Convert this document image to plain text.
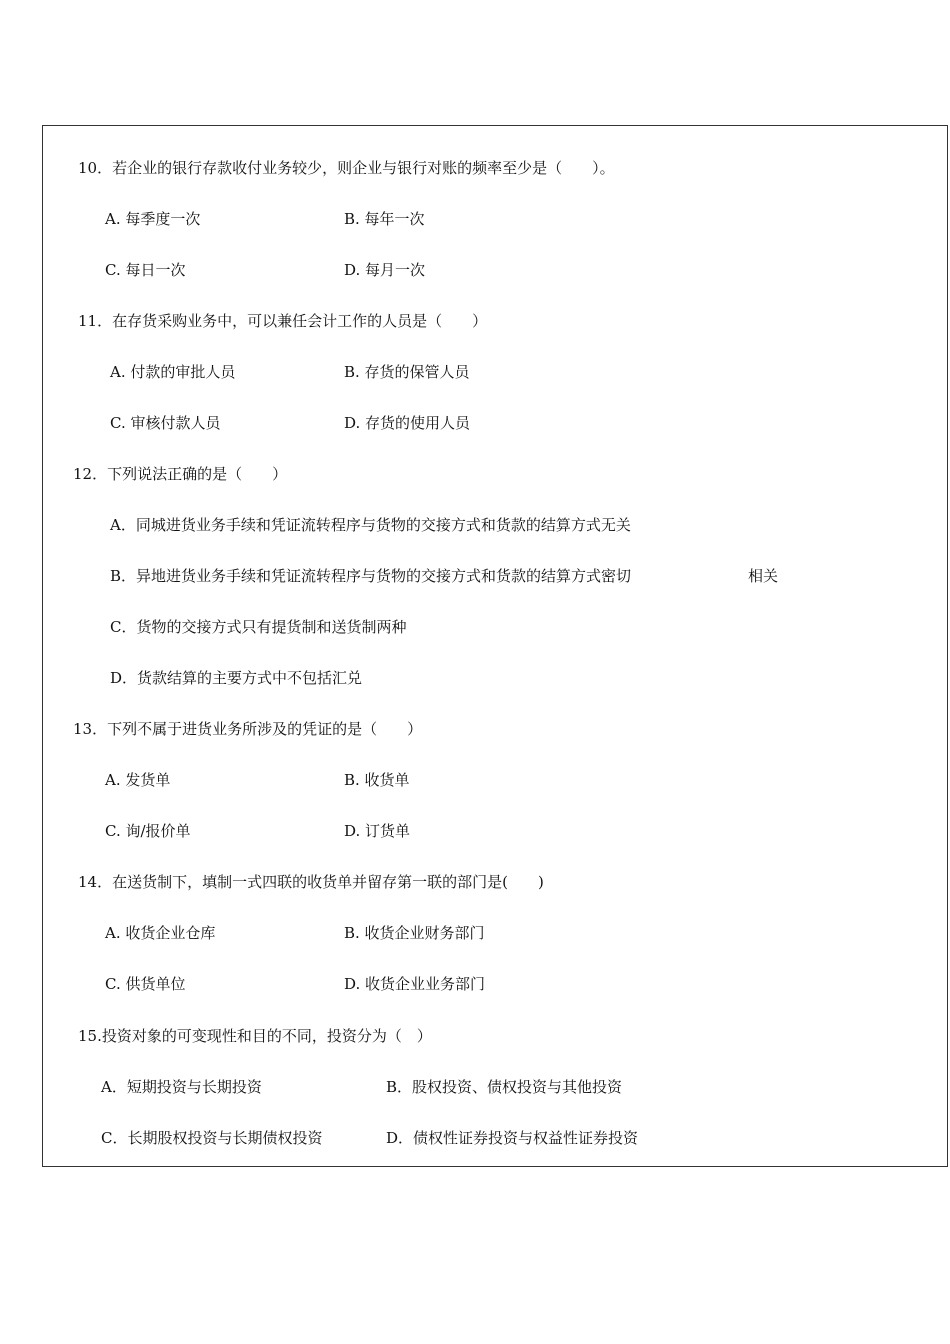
10．若企业的银行存款收付业务较少，则企业与银行对账的频率至少是（　　）。
A. 每季度一次	B. 每年一次
C. 每日一次	D. 每月一次
11．在存货采购业务中，可以兼任会计工作的人员是（　　）
A. 付款的审批人员	B. 存货的保管人员
C. 审核付款人员	D. 存货的使用人员
12．下列说法正确的是（　　）
A．同城进货业务手续和凭证流转程序与货物的交接方式和货款的结算方式无关
B．异地进货业务手续和凭证流转程序与货物的交接方式和货款的结算方式密切	相关
C．货物的交接方式只有提货制和送货制两种
D．货款结算的主要方式中不包括汇兑
13．下列不属于进货业务所涉及的凭证的是（　　）
A. 发货单	B. 收货单
C. 询/报价单	D. 订货单
14．在送货制下，填制一式四联的收货单并留存第一联的部门是(　　)
A. 收货企业仓库	B. 收货企业财务部门
C. 供货单位	D. 收货企业业务部门
15.投资对象的可变现性和目的不同，投资分为（　）
A．短期投资与长期投资	B．股权投资、债权投资与其他投资
C．长期股权投资与长期债权投资	D．债权性证券投资与权益性证券投资
